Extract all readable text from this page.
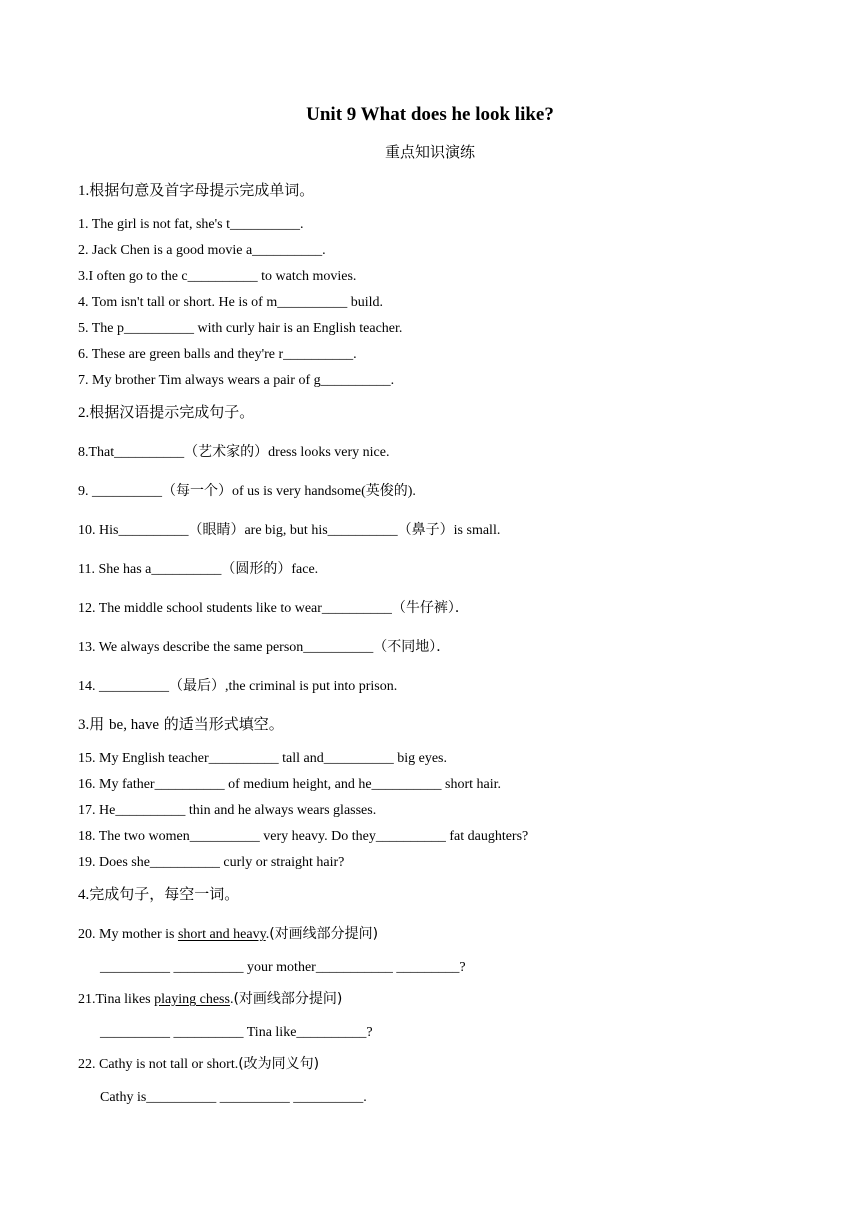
Unit 9 What does he look like?
重点知识演练
1.根据句意及首字母提示完成单词。
1. The girl is not fat, she's t__________.
2. Jack Chen is a good movie a__________.
3.I often go to the c__________ to watch movies.
4. Tom isn't tall or short. He is of m__________ build.
5. The p__________ with curly hair is an English teacher.
6. These are green balls and they're r__________.
7. My brother Tim always wears a pair of g__________.
2.根据汉语提示完成句子。
8.That__________（艺术家的）dress looks very nice.
9. __________（每一个）of us is very handsome(英俊的).
10. His__________（眼睛）are big, but his__________（鼻子）is small.
11. She has a__________（圆形的）face.
12. The middle school students like to wear__________（牛仔裤）．
13. We always describe the same person__________（不同地）．
14. __________（最后）,the criminal is put into prison.
3.用 be, have 的适当形式填空。
15. My English teacher__________ tall and__________ big eyes.
16. My father__________ of medium height, and he__________ short hair.
17. He__________ thin and he always wears glasses.
18. The two women__________ very heavy. Do they__________ fat daughters?
19. Does she__________ curly or straight hair?
4.完成句子，每空一词。
20. My mother is short and heavy.(对画线部分提问)
__________ __________ your mother___________ _________?
21.Tina likes playing chess.(对画线部分提问)
__________ __________ Tina like__________?
22. Cathy is not tall or short.(改为同义句)
Cathy is__________ __________ __________.
